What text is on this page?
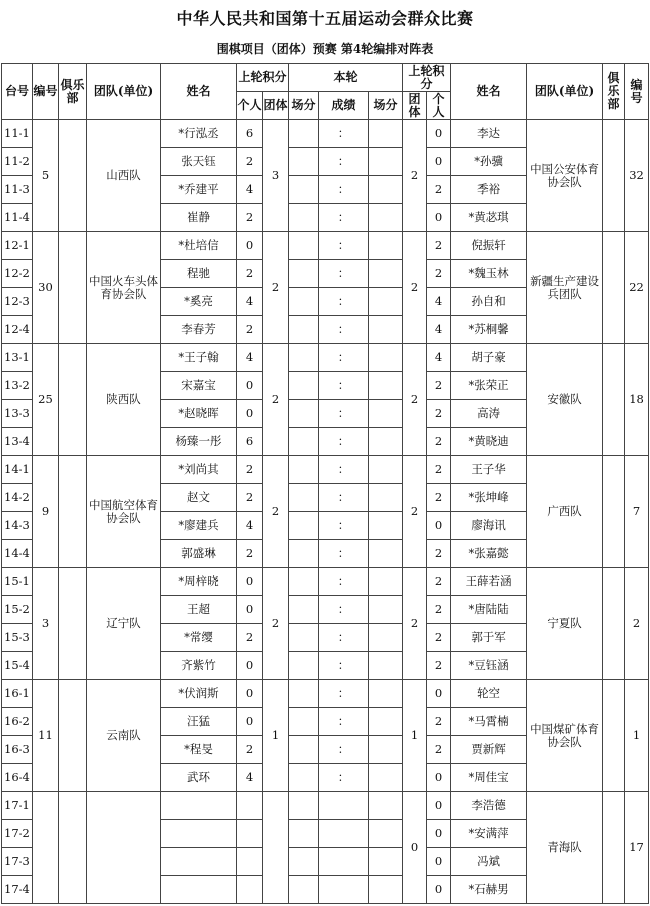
中华人民共和国第十五届运动会群众比赛
围棋项目（团体）预赛 第4轮编排对阵表
台号	编号	俱乐部	团队(单位)	姓名	上轮积分		本轮			上轮积分		姓名	团队(单位)	俱乐部	编号
					个人	团体	场分	成绩	场分	团体	个人				
11-1	5		山西队	*行泓丞	6	3		：		2	0	李达	中国公安体育协会队		32
11-2				张天钰	2			：			0	*孙骥			
11-3				*乔建平	4			：			2	季裕			
11-4				崔静	2			：			0	*黄苾琪			
12-1	30		中国火车头体育协会队	*杜培信	0	2		：		2	2	倪振轩	新疆生产建设兵团队		22
12-2				程驰	2			：			2	*魏玉林			
12-3				*奚亮	4			：			4	孙自和			
12-4				李春芳	2			：			4	*苏桐馨			
13-1	25		陕西队	*王子翰	4	2		：		2	4	胡子豪	安徽队		18
13-2				宋嘉宝	0			：			2	*张荣正			
13-3				*赵晓晖	0			：			2	高涛			
13-4				杨臻一彤	6			：			2	*黄晓迪			
14-1	9		中国航空体育协会队	*刘尚其	2	2		：		2	2	王子华	广西队		7
14-2				赵文	2			：			2	*张坤峰			
14-3				*廖建兵	4			：			0	廖海讯			
14-4				郭盛琳	2			：			2	*张嘉懿			
15-1	3		辽宁队	*周梓晓	0	2		：		2	2	王薛若涵	宁夏队		2
15-2				王超	0			：			2	*唐陆陆			
15-3				*常缨	2			：			2	郭于军			
15-4				齐紫竹	0			：			2	*豆钰涵			
16-1	11		云南队	*伏润斯	0	1		：		1	0	轮空	中国煤矿体育协会队		1
16-2				汪猛	0			：			2	*马霄楠			
16-3				*程旻	2			：			2	贾新辉			
16-4				武环	4			：			0	*周佳宝			
17-1										0	0	李浩德	青海队		17
17-2											0	*安满萍			
17-3											0	冯斌			
17-4											0	*石赫男			
